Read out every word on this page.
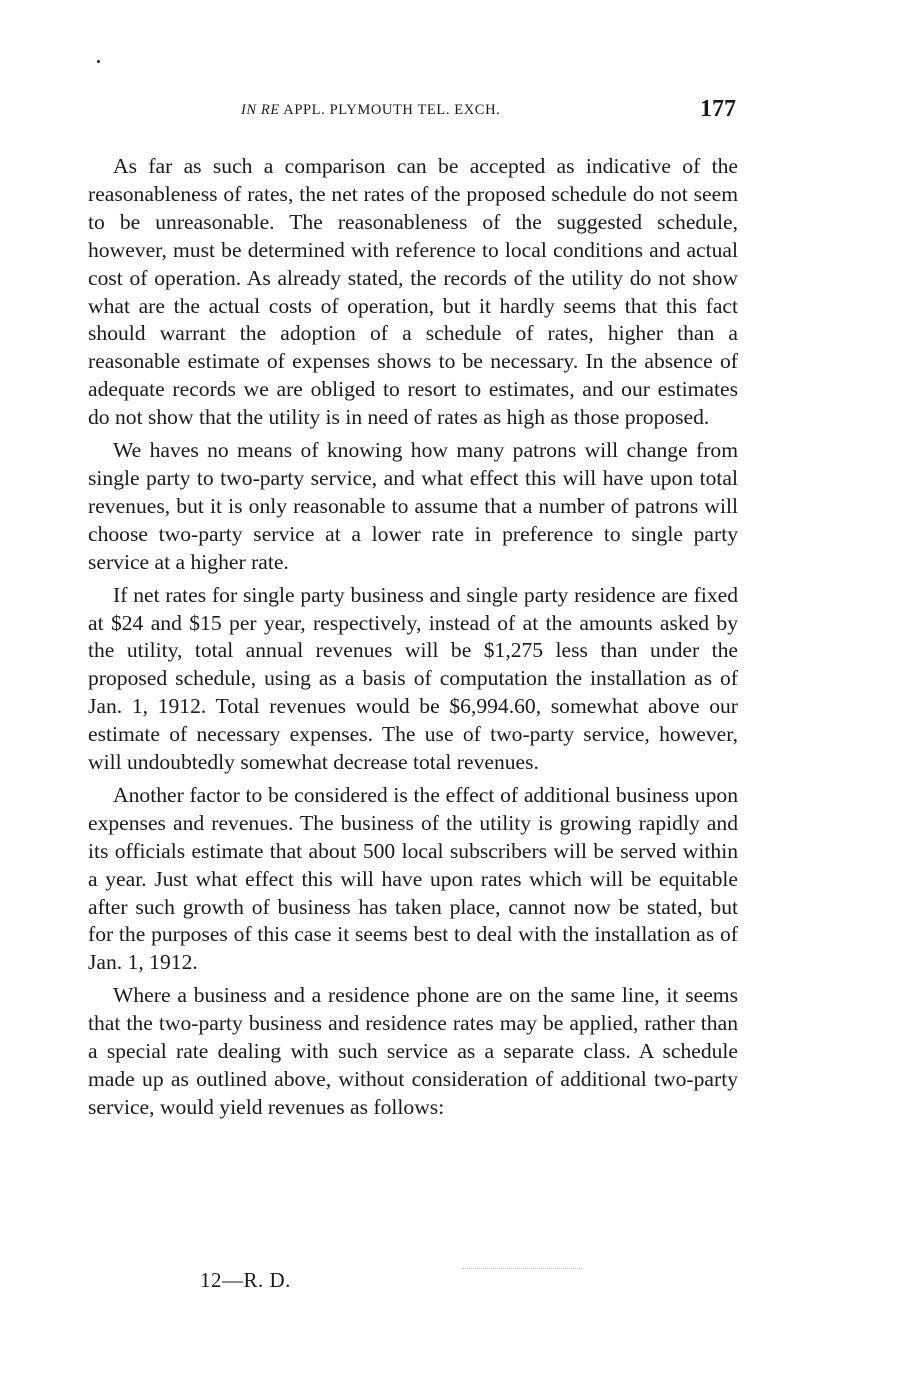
IN RE APPL. PLYMOUTH TEL. EXCH.	177

As far as such a comparison can be accepted as indicative of the reasonableness of rates, the net rates of the proposed schedule do not seem to be unreasonable. The reasonableness of the suggested schedule, however, must be determined with reference to local conditions and actual cost of operation. As already stated, the records of the utility do not show what are the actual costs of operation, but it hardly seems that this fact should warrant the adoption of a schedule of rates, higher than a reasonable estimate of expenses shows to be necessary. In the absence of adequate records we are obliged to resort to estimates, and our estimates do not show that the utility is in need of rates as high as those proposed.

We haves no means of knowing how many patrons will change from single party to two-party service, and what effect this will have upon total revenues, but it is only reasonable to assume that a number of patrons will choose two-party service at a lower rate in preference to single party service at a higher rate.

If net rates for single party business and single party residence are fixed at $24 and $15 per year, respectively, instead of at the amounts asked by the utility, total annual revenues will be $1,275 less than under the proposed schedule, using as a basis of computation the installation as of Jan. 1, 1912. Total revenues would be $6,994.60, somewhat above our estimate of necessary expenses. The use of two-party service, however, will undoubtedly somewhat decrease total revenues.

Another factor to be considered is the effect of additional business upon expenses and revenues. The business of the utility is growing rapidly and its officials estimate that about 500 local subscribers will be served within a year. Just what effect this will have upon rates which will be equitable after such growth of business has taken place, cannot now be stated, but for the purposes of this case it seems best to deal with the installation as of Jan. 1, 1912.

Where a business and a residence phone are on the same line, it seems that the two-party business and residence rates may be applied, rather than a special rate dealing with such service as a separate class. A schedule made up as outlined above, without consideration of additional two-party service, would yield revenues as follows:

12—R. D.
